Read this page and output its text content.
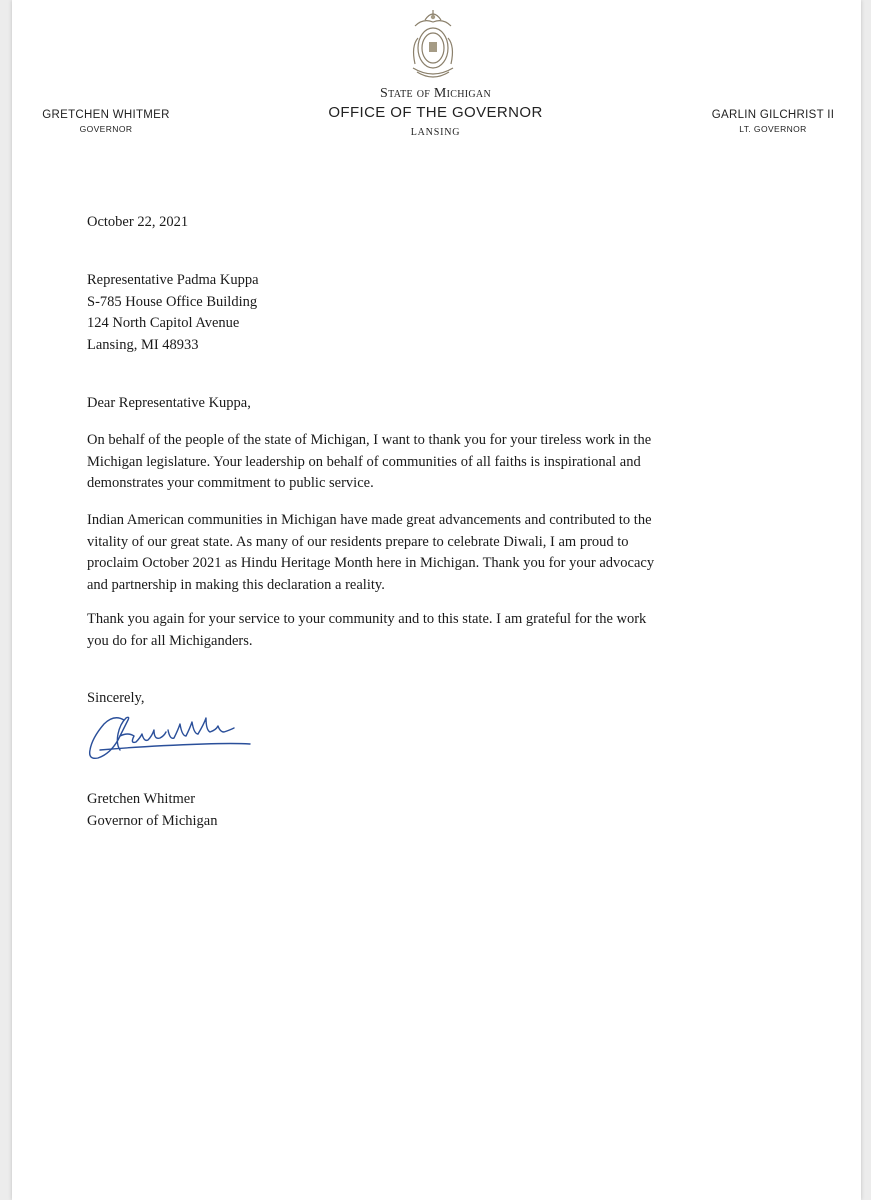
State of Michigan
OFFICE OF THE GOVERNOR
LANSING
GRETCHEN WHITMER
GOVERNOR
GARLIN GILCHRIST II
LT. GOVERNOR
October 22, 2021
Representative Padma Kuppa
S-785 House Office Building
124 North Capitol Avenue
Lansing, MI 48933
Dear Representative Kuppa,
On behalf of the people of the state of Michigan, I want to thank you for your tireless work in the
Michigan legislature. Your leadership on behalf of communities of all faiths is inspirational and
demonstrates your commitment to public service.
Indian American communities in Michigan have made great advancements and contributed to the
vitality of our great state. As many of our residents prepare to celebrate Diwali, I am proud to
proclaim October 2021 as Hindu Heritage Month here in Michigan. Thank you for your advocacy
and partnership in making this declaration a reality.
Thank you again for your service to your community and to this state. I am grateful for the work
you do for all Michiganders.
Sincerely,
Gretchen Whitmer
Governor of Michigan
